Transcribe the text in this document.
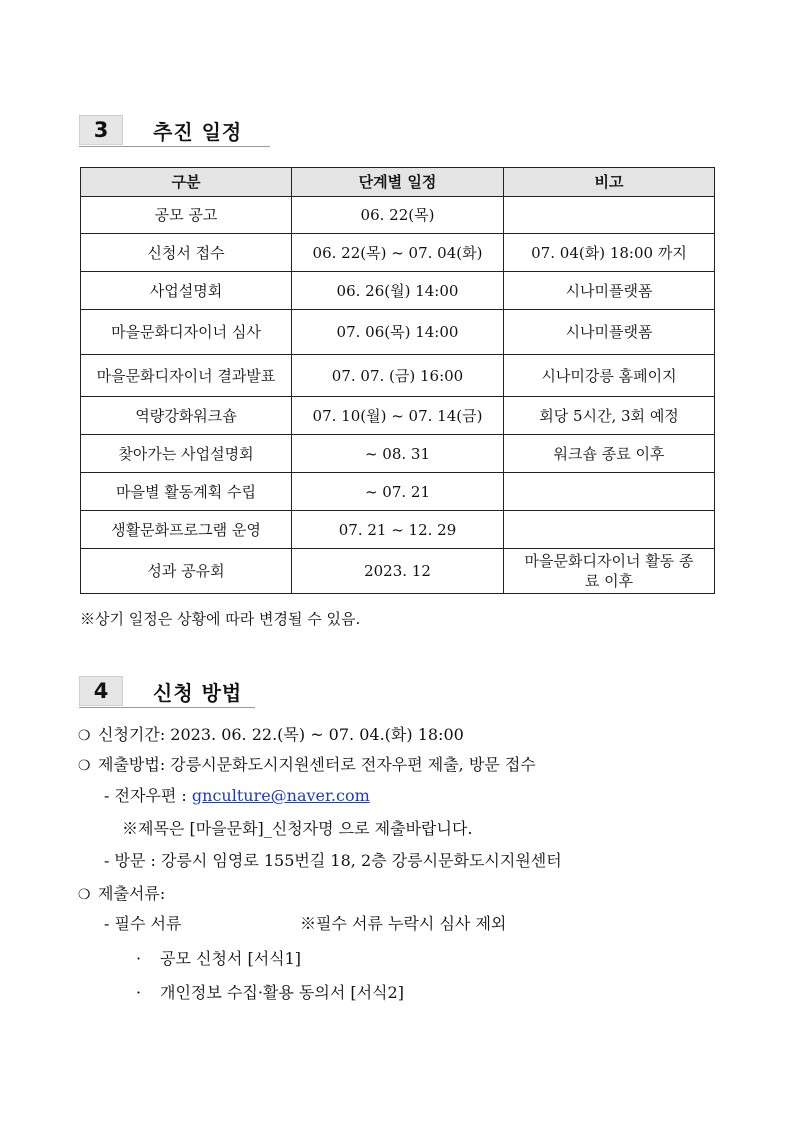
3	추진 일정
구분	단계별 일정	비고
공모 공고	06. 22(목)	
신청서 접수	06. 22(목) ~ 07. 04(화)	07. 04(화) 18:00 까지
사업설명회	06. 26(월) 14:00	시나미플랫폼
마을문화디자이너 심사	07. 06(목) 14:00	시나미플랫폼
마을문화디자이너 결과발표	07. 07. (금) 16:00	시나미강릉 홈페이지
역량강화워크숍	07. 10(월) ~ 07. 14(금)	회당 5시간, 3회 예정
찾아가는 사업설명회	~ 08. 31	워크숍 종료 이후
마을별 활동계획 수립	~ 07. 21	
생활문화프로그램 운영	07. 21 ~ 12. 29	
성과 공유회	2023. 12	마을문화디자이너 활동 종료 이후
※상기 일정은 상황에 따라 변경될 수 있음.
4	신청 방법
❍ 신청기간: 2023. 06. 22.(목) ~ 07. 04.(화) 18:00
❍ 제출방법: 강릉시문화도시지원센터로 전자우편 제출, 방문 접수
- 전자우편 : gnculture@naver.com
※제목은 [마을문화]_신청자명 으로 제출바랍니다.
- 방문 : 강릉시 임영로 155번길 18, 2층 강릉시문화도시지원센터
❍ 제출서류:
- 필수 서류	※필수 서류 누락시 심사 제외
· 공모 신청서 [서식1]
· 개인정보 수집·활용 동의서 [서식2]
